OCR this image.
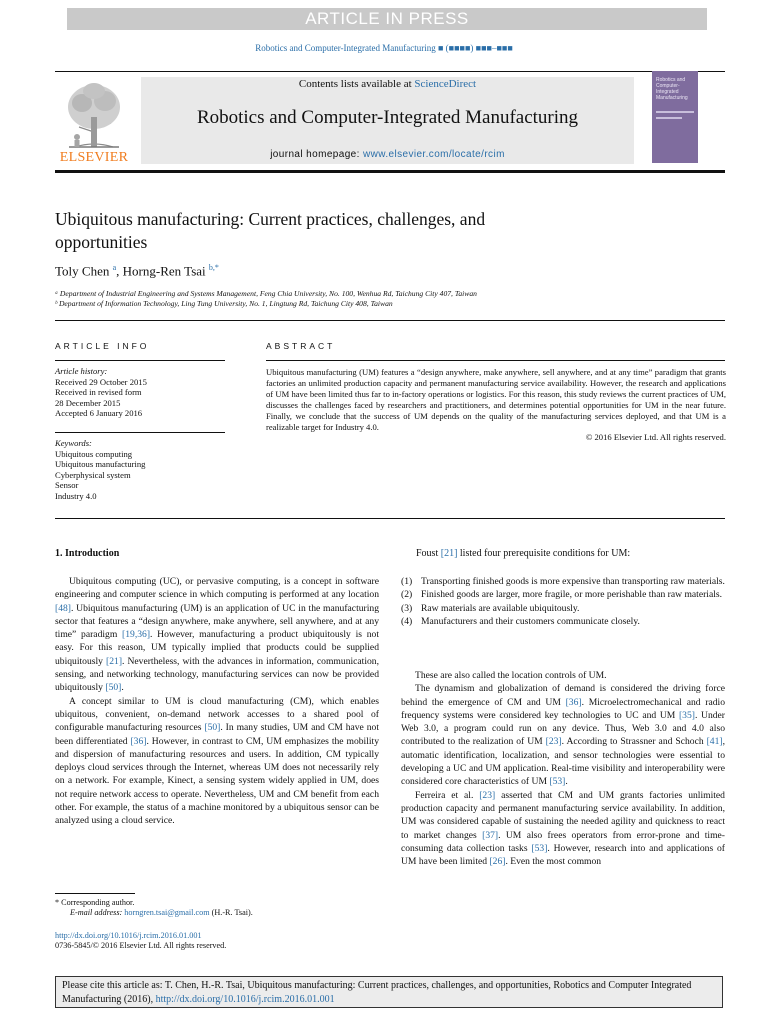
ARTICLE IN PRESS
Robotics and Computer-Integrated Manufacturing ■ (■■■■) ■■■–■■■
ELSEVIER
Contents lists available at ScienceDirect
Robotics and Computer-Integrated Manufacturing
journal homepage: www.elsevier.com/locate/rcim
Robotics and Computer-Integrated Manufacturing
Ubiquitous manufacturing: Current practices, challenges, and
opportunities
Toly Chen $^a$, Horng-Ren Tsai $^{b,*}$
ᵃ Department of Industrial Engineering and Systems Management, Feng Chia University, No. 100, Wenhua Rd, Taichung City 407, Taiwan
ᵇ Department of Information Technology, Ling Tung University, No. 1, Lingtung Rd, Taichung City 408, Taiwan
ARTICLE INFO
Article history:
Received 29 October 2015
Received in revised form
28 December 2015
Accepted 6 January 2016
Keywords:
Ubiquitous computing
Ubiquitous manufacturing
Cyberphysical system
Sensor
Industry 4.0
ABSTRACT
Ubiquitous manufacturing (UM) features a “design anywhere, make anywhere, sell anywhere, and at any time” paradigm that grants factories an unlimited production capacity and permanent manufacturing service availability. However, the research and applications of UM have been limited thus far to in-factory operations or logistics. For this reason, this study reviews the current practices of UM, discusses the challenges faced by researchers and practitioners, and determines potential opportunities for UM in the near future. Finally, we conclude that the success of UM depends on the quality of the manufacturing services deployed, and that UM is a realizable target for Industry 4.0.
© 2016 Elsevier Ltd. All rights reserved.
1. Introduction

Ubiquitous computing (UC), or pervasive computing, is a concept in software engineering and computer science in which computing is performed at any location [48]. Ubiquitous manufacturing (UM) is an application of UC in the manufacturing sector that features a “design anywhere, make anywhere, sell anywhere, and at any time” paradigm [19,36]. However, manufacturing a product ubiquitously is not easy. For this reason, UM typically implied that products could be supplied ubiquitously [21]. Nevertheless, with the advances in information, communication, sensing, and networking technology, manufacturing services can now be provided ubiquitously [50].

A concept similar to UM is cloud manufacturing (CM), which enables ubiquitous, convenient, on-demand network accesses to a shared pool of configurable manufacturing resources [50]. In many studies, UM and CM have not been differentiated [36]. However, in contrast to CM, UM emphasizes the mobility and dispersion of manufacturing resources and users. In addition, CM typically deploys cloud services through the Internet, whereas UM does not necessarily rely on a network. For example, Kinect, a sensing system widely applied in UM, does not require network access to operate. Nevertheless, UM and CM benefit from each other. For example, the status of a machine monitored by a ubiquitous sensor can be analyzed using a cloud service.

Foust [21] listed four prerequisite conditions for UM:
(1) Transporting finished goods is more expensive than transporting raw materials.
(2) Finished goods are larger, more fragile, or more perishable than raw materials.
(3) Raw materials are available ubiquitously.
(4) Manufacturers and their customers communicate closely.

These are also called the location controls of UM.

The dynamism and globalization of demand is considered the driving force behind the emergence of CM and UM [36]. Microelectromechanical and radio frequency systems were considered key technologies to UC and UM [35]. Under Web 3.0, a program could run on any device. Thus, Web 3.0 and 4.0 also contributed to the realization of UM [23]. According to Strassner and Schoch [41], automatic identification, localization, and sensor technologies were essential to developing a UC and UM application. Real-time visibility and interoperability were considered core characteristics of UM [53].

Ferreira et al. [23] asserted that CM and UM grants factories unlimited production capacity and permanent manufacturing service availability. In addition, UM was considered capable of sustaining the needed agility and quickness to react to market changes [37]. UM also frees operators from error-prone and time-consuming data collection tasks [53]. However, research into and applications of UM have been limited [26]. Even the most common

* Corresponding author.
E-mail address: horngren.tsai@gmail.com (H.-R. Tsai).
http://dx.doi.org/10.1016/j.rcim.2016.01.001
0736-5845/© 2016 Elsevier Ltd. All rights reserved.
Please cite this article as: T. Chen, H.-R. Tsai, Ubiquitous manufacturing: Current practices, challenges, and opportunities, Robotics and Computer Integrated Manufacturing (2016), http://dx.doi.org/10.1016/j.rcim.2016.01.001
